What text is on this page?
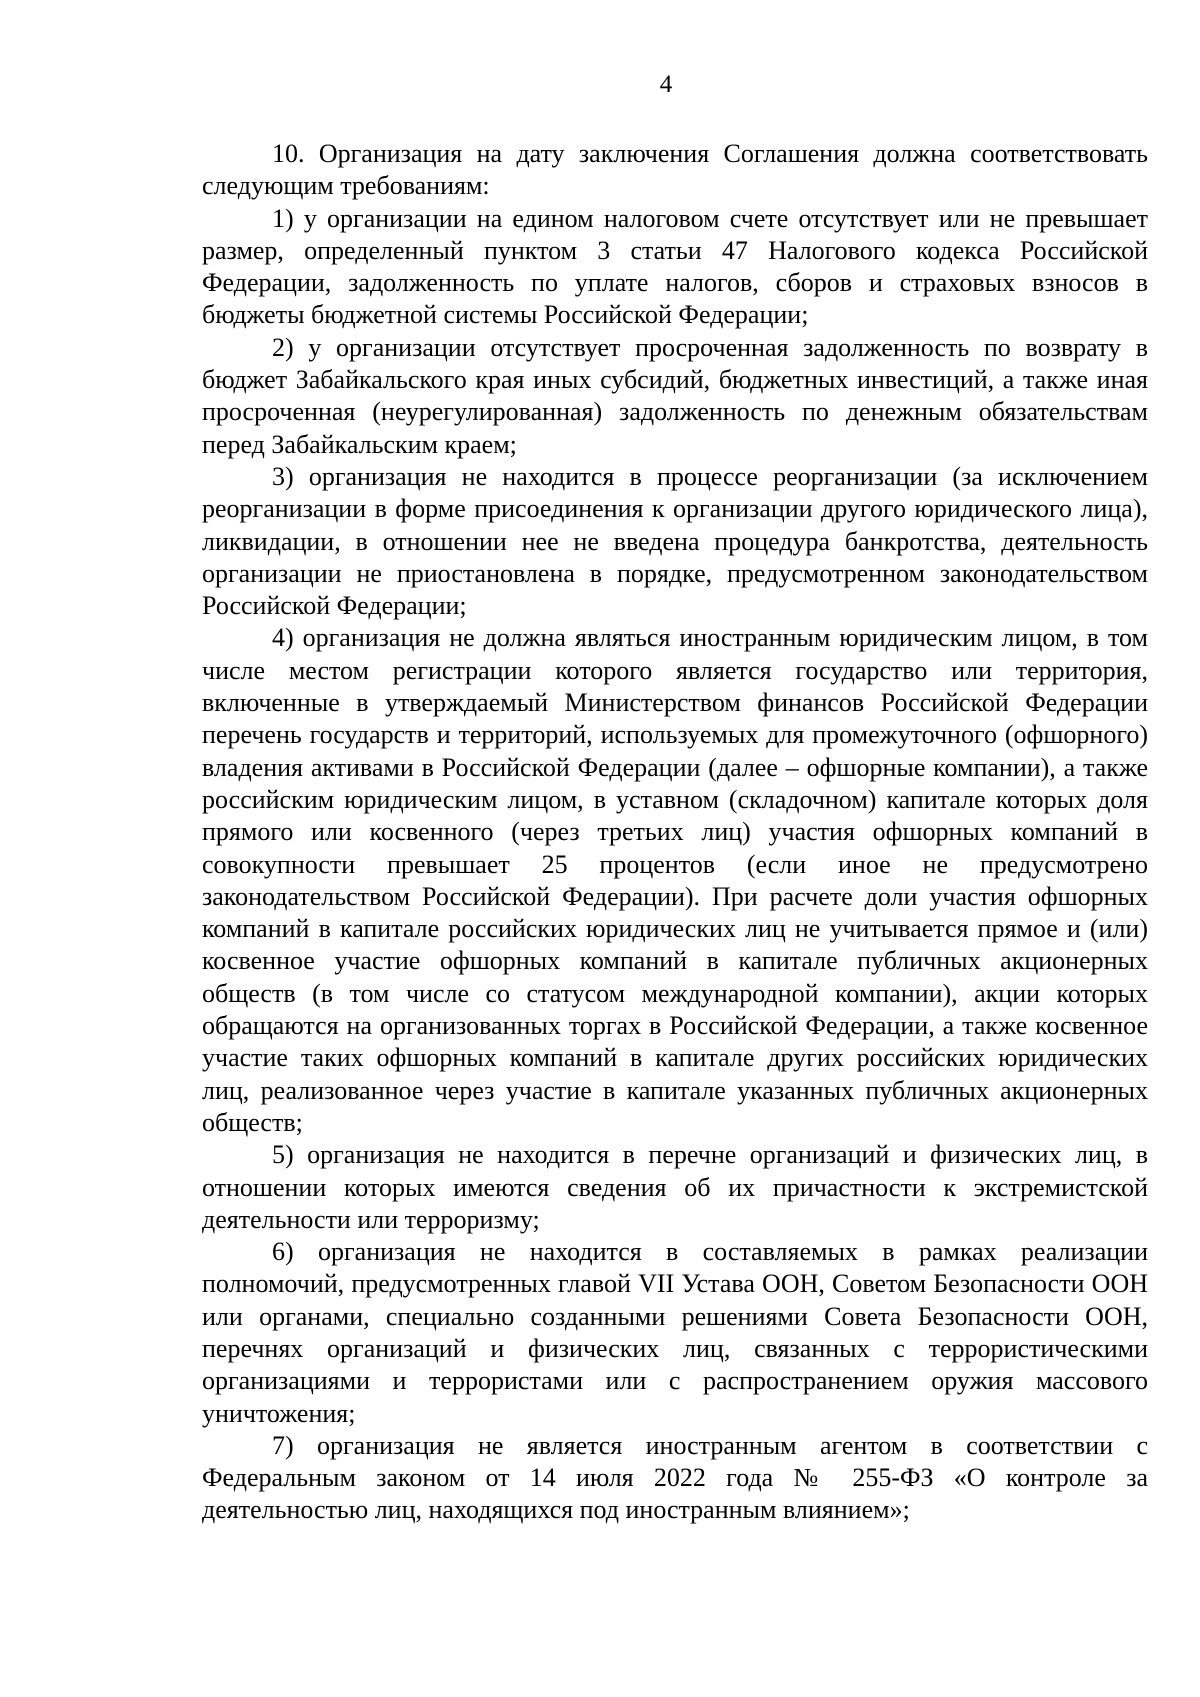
4

10. Организация на дату заключения Соглашения должна соответствовать следующим требованиям:

1) у организации на едином налоговом счете отсутствует или не превышает размер, определенный пунктом 3 статьи 47 Налогового кодекса Российской Федерации, задолженность по уплате налогов, сборов и страховых взносов в бюджеты бюджетной системы Российской Федерации;

2) у организации отсутствует просроченная задолженность по возврату в бюджет Забайкальского края иных субсидий, бюджетных инвестиций, а также иная просроченная (неурегулированная) задолженность по денежным обязательствам перед Забайкальским краем;

3) организация не находится в процессе реорганизации (за исключением реорганизации в форме присоединения к организации другого юридического лица), ликвидации, в отношении нее не введена процедура банкротства, деятельность организации не приостановлена в порядке, предусмотренном законодательством Российской Федерации;

4) организация не должна являться иностранным юридическим лицом, в том числе местом регистрации которого является государство или территория, включенные в утверждаемый Министерством финансов Российской Федерации перечень государств и территорий, используемых для промежуточного (офшорного) владения активами в Российской Федерации (далее – офшорные компании), а также российским юридическим лицом, в уставном (складочном) капитале которых доля прямого или косвенного (через третьих лиц) участия офшорных компаний в совокупности превышает 25 процентов (если иное не предусмотрено законодательством Российской Федерации). При расчете доли участия офшорных компаний в капитале российских юридических лиц не учитывается прямое и (или) косвенное участие офшорных компаний в капитале публичных акционерных обществ (в том числе со статусом международной компании), акции которых обращаются на организованных торгах в Российской Федерации, а также косвенное участие таких офшорных компаний в капитале других российских юридических лиц, реализованное через участие в капитале указанных публичных акционерных обществ;

5) организация не находится в перечне организаций и физических лиц, в отношении которых имеются сведения об их причастности к экстремистской деятельности или терроризму;

6) организация не находится в составляемых в рамках реализации полномочий, предусмотренных главой VII Устава ООН, Советом Безопасности ООН или органами, специально созданными решениями Совета Безопасности ООН, перечнях организаций и физических лиц, связанных с террористическими организациями и террористами или с распространением оружия массового уничтожения;

7) организация не является иностранным агентом в соответствии с Федеральным законом от 14 июля 2022 года № 255-ФЗ «О контроле за деятельностью лиц, находящихся под иностранным влиянием»;
